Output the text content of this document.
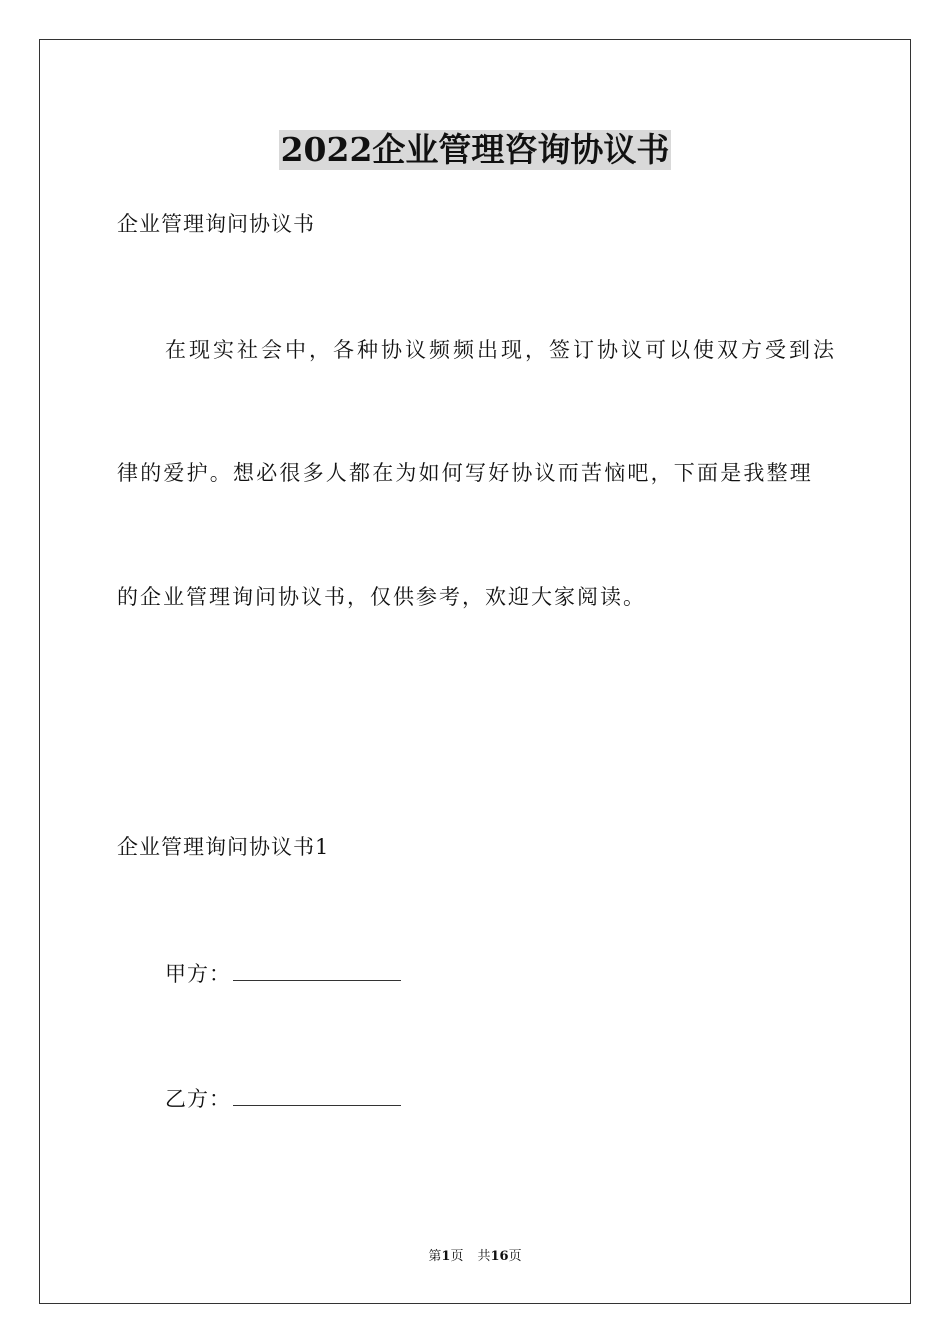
2022企业管理咨询协议书
企业管理询问协议书
在现实社会中，各种协议频频出现，签订协议可以使双方受到法
律的爱护。想必很多人都在为如何写好协议而苦恼吧，下面是我整理
的企业管理询问协议书，仅供参考，欢迎大家阅读。
企业管理询问协议书1
甲方：
乙方：
第1页 共16页
